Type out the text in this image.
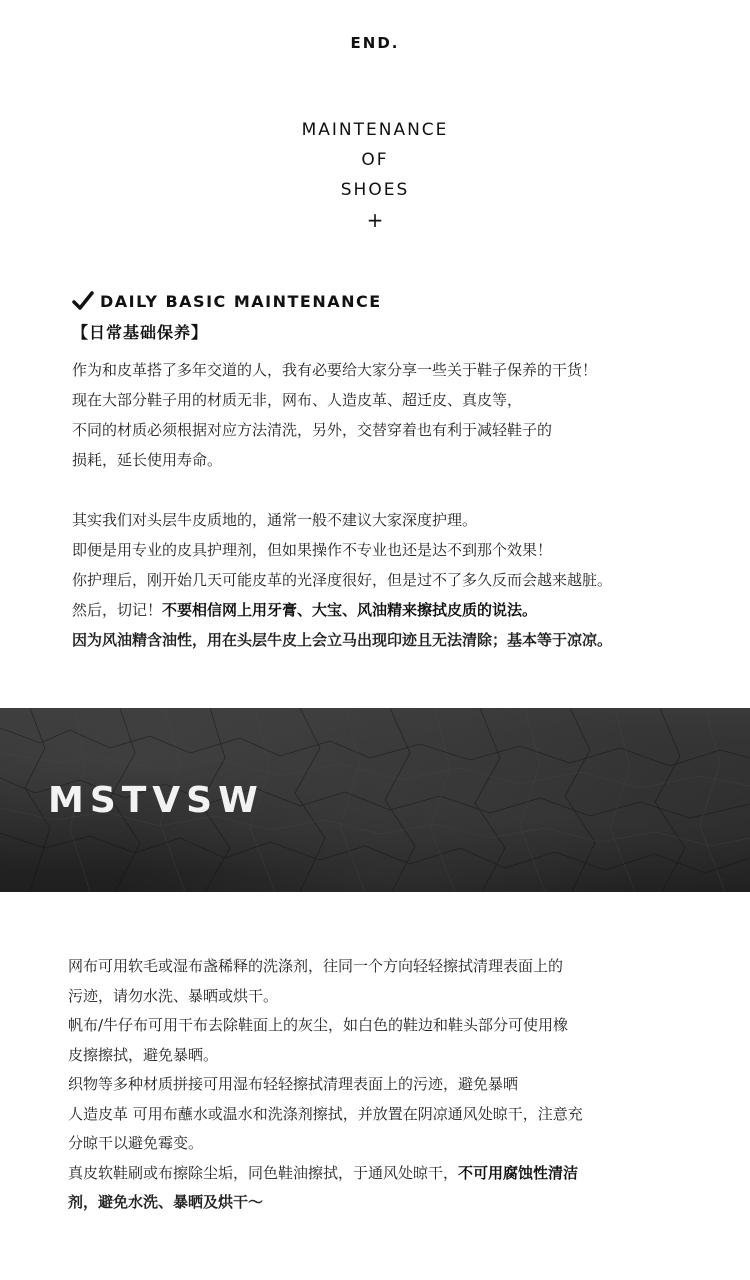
END.
MAINTENANCE
OF
SHOES
+
DAILY BASIC MAINTENANCE
【日常基础保养】

作为和皮革搭了多年交道的人，我有必要给大家分享一些关于鞋子保养的干货！

现在大部分鞋子用的材质无非，网布、人造皮革、超迁皮、真皮等，

不同的材质必须根据对应方法清洗，另外，交替穿着也有利于减轻鞋子的

损耗，延长使用寿命。

其实我们对头层牛皮质地的，通常一般不建议大家深度护理。

即便是用专业的皮具护理剂，但如果操作不专业也还是达不到那个效果！

你护理后，刚开始几天可能皮革的光泽度很好，但是过不了多久反而会越来越脏。

然后，切记！不要相信网上用牙膏、大宝、风油精来擦拭皮质的说法。

因为风油精含油性，用在头层牛皮上会立马出现印迹且无法清除；基本等于凉凉。

MSTVSW

网布可用软毛或湿布盏稀释的洗涤剂，往同一个方向轻轻擦拭清理表面上的

污迹，请勿水洗、暴晒或烘干。

帆布/牛仔布可用干布去除鞋面上的灰尘，如白色的鞋边和鞋头部分可使用橡

皮擦擦拭，避免暴晒。

织物等多种材质拼接可用湿布轻轻擦拭清理表面上的污迹，避免暴晒

人造皮革 可用布蘸水或温水和洗涤剂擦拭，并放置在阴凉通风处晾干，注意充

分晾干以避免霉变。

真皮软鞋刷或布擦除尘垢，同色鞋油擦拭，于通风处晾干，不可用腐蚀性清洁

剂，避免水洗、暴晒及烘干～
